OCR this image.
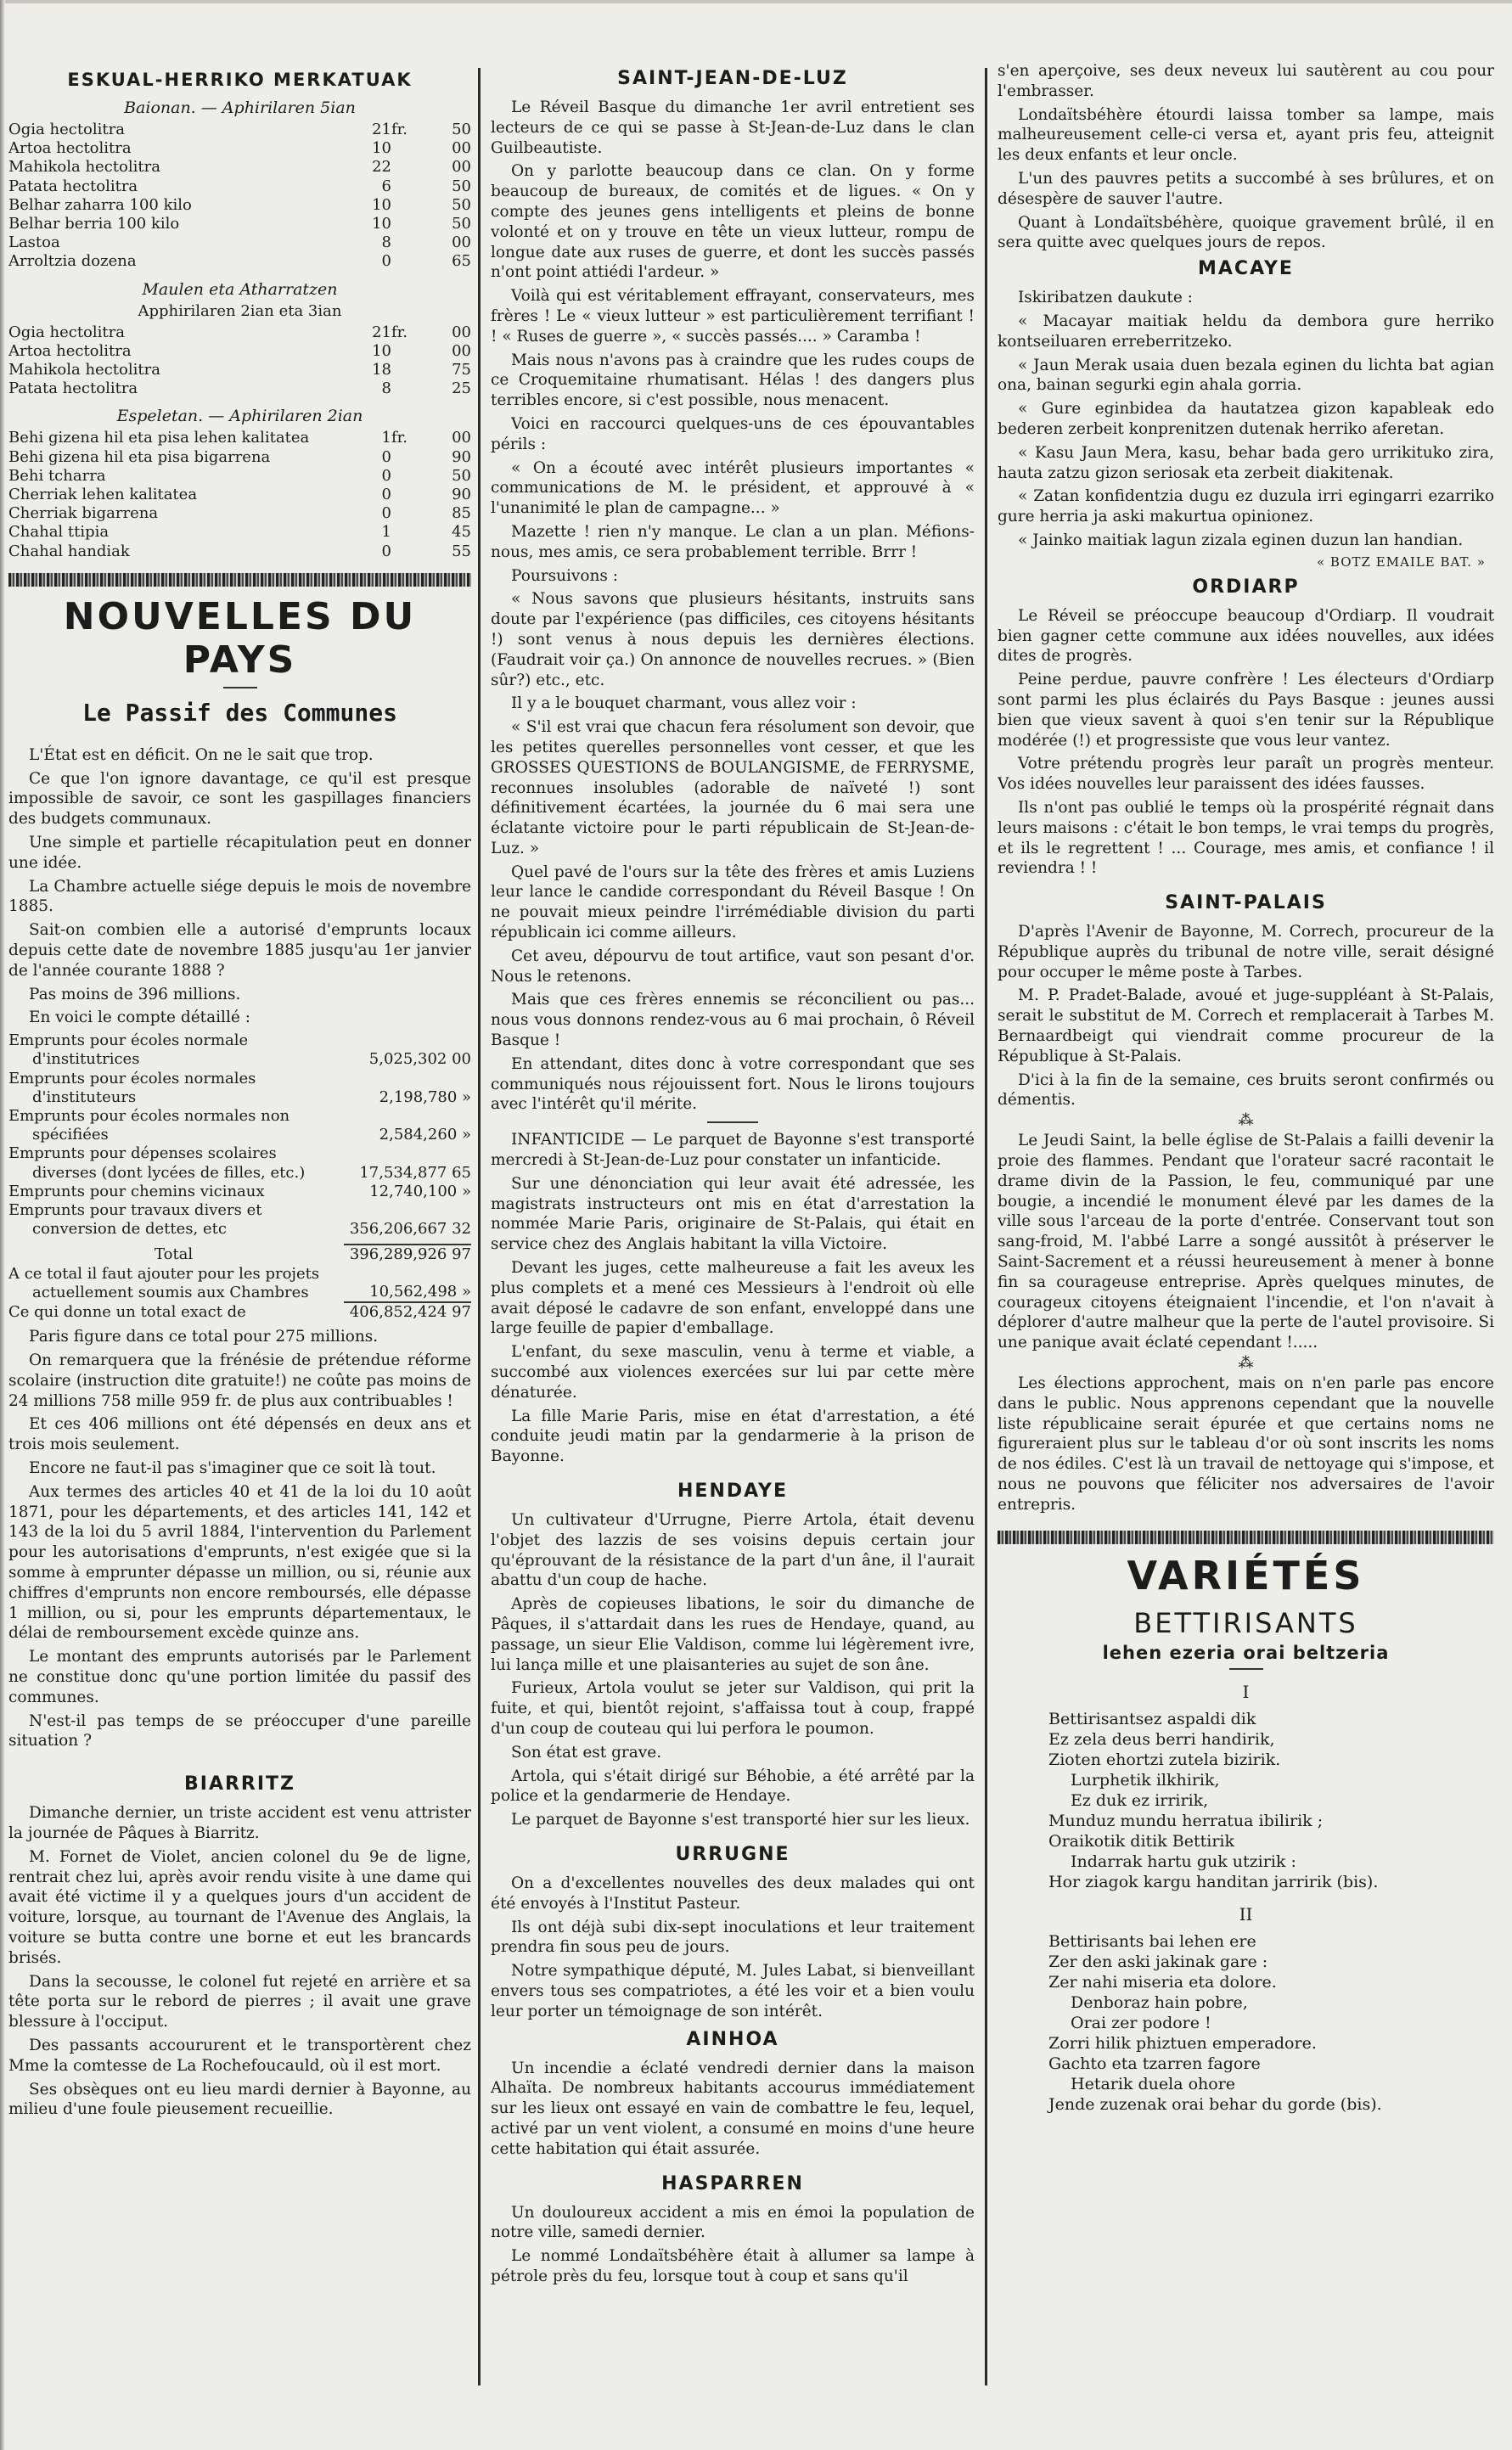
ESKUAL-HERRIKO MERKATUAK
Baionan. — Aphirilaren 5ian
Ogia hectolitra	21	fr.	50
Artoa hectolitra	10		00
Mahikola hectolitra	22		00
Patata hectolitra	6		50
Belhar zaharra 100 kilo	10		50
Belhar berria 100 kilo	10		50
Lastoa	8		00
Arroltzia dozena	0		65
Maulen eta Atharratzen
Apphirilaren 2ian eta 3ian
Ogia hectolitra	21	fr.	00
Artoa hectolitra	10		00
Mahikola hectolitra	18		75
Patata hectolitra	8		25
Espeletan. — Aphirilaren 2ian
Behi gizena hil eta pisa lehen kalitatea	1	fr.	00
Behi gizena hil eta pisa bigarrena	0		90
Behi tcharra	0		50
Cherriak lehen kalitatea	0		90
Cherriak bigarrena	0		85
Chahal ttipia	1		45
Chahal handiak	0		55
NOUVELLES DU PAYS
Le Passif des Communes

L'État est en déficit. On ne le sait que trop.

Ce que l'on ignore davantage, ce qu'il est presque impossible de savoir, ce sont les gaspillages financiers des budgets communaux.

Une simple et partielle récapitulation peut en donner une idée.

La Chambre actuelle siége depuis le mois de novembre 1885.

Sait-on combien elle a autorisé d'emprunts locaux depuis cette date de novembre 1885 jusqu'au 1er janvier de l'année courante 1888 ?

Pas moins de 396 millions.

En voici le compte détaillé :

Emprunts pour écoles normale d'institutrices	5,025,302 00
Emprunts pour écoles normales d'instituteurs	2,198,780 »
Emprunts pour écoles normales non spécifiées	2,584,260 »
Emprunts pour dépenses scolaires diverses (dont lycées de filles, etc.)	17,534,877 65
Emprunts pour chemins vicinaux	12,740,100 »
Emprunts pour travaux divers et conversion de dettes, etc	356,206,667 32
Total	396,289,926 97
A ce total il faut ajouter pour les projets actuellement soumis aux Chambres	10,562,498 »
Ce qui donne un total exact de	406,852,424 97

Paris figure dans ce total pour 275 millions.

On remarquera que la frénésie de prétendue réforme scolaire (instruction dite gratuite!) ne coûte pas moins de 24 millions 758 mille 959 fr. de plus aux contribuables !

Et ces 406 millions ont été dépensés en deux ans et trois mois seulement.

Encore ne faut-il pas s'imaginer que ce soit là tout.

Aux termes des articles 40 et 41 de la loi du 10 août 1871, pour les départements, et des articles 141, 142 et 143 de la loi du 5 avril 1884, l'intervention du Parlement pour les autorisations d'emprunts, n'est exigée que si la somme à emprunter dépasse un million, ou si, réunie aux chiffres d'emprunts non encore remboursés, elle dépasse 1 million, ou si, pour les emprunts départementaux, le délai de remboursement excède quinze ans.

Le montant des emprunts autorisés par le Parlement ne constitue donc qu'une portion limitée du passif des communes.

N'est-il pas temps de se préoccuper d'une pareille situation ?

BIARRITZ

Dimanche dernier, un triste accident est venu attrister la journée de Pâques à Biarritz.

M. Fornet de Violet, ancien colonel du 9e de ligne, rentrait chez lui, après avoir rendu visite à une dame qui avait été victime il y a quelques jours d'un accident de voiture, lorsque, au tournant de l'Avenue des Anglais, la voiture se butta contre une borne et eut les brancards brisés.

Dans la secousse, le colonel fut rejeté en arrière et sa tête porta sur le rebord de pierres ; il avait une grave blessure à l'occiput.

Des passants accoururent et le transportèrent chez Mme la comtesse de La Rochefoucauld, où il est mort.

Ses obsèques ont eu lieu mardi dernier à Bayonne, au milieu d'une foule pieusement recueillie.

SAINT-JEAN-DE-LUZ

Le Réveil Basque du dimanche 1er avril entretient ses lecteurs de ce qui se passe à St-Jean-de-Luz dans le clan Guilbeautiste.

On y parlotte beaucoup dans ce clan. On y forme beaucoup de bureaux, de comités et de ligues. « On y compte des jeunes gens intelligents et pleins de bonne volonté et on y trouve en tête un vieux lutteur, rompu de longue date aux ruses de guerre, et dont les succès passés n'ont point attiédi l'ardeur. »

Voilà qui est véritablement effrayant, conservateurs, mes frères ! Le « vieux lutteur » est particulièrement terrifiant ! ! « Ruses de guerre », « succès passés.... » Caramba !

Mais nous n'avons pas à craindre que les rudes coups de ce Croquemitaine rhumatisant. Hélas ! des dangers plus terribles encore, si c'est possible, nous menacent.

Voici en raccourci quelques-uns de ces épouvantables périls :

« On a écouté avec intérêt plusieurs importantes « communications de M. le président, et approuvé à « l'unanimité le plan de campagne... »

Mazette ! rien n'y manque. Le clan a un plan. Méfions-nous, mes amis, ce sera probablement terrible. Brrr !

Poursuivons :

« Nous savons que plusieurs hésitants, instruits sans doute par l'expérience (pas difficiles, ces citoyens hésitants !) sont venus à nous depuis les dernières élections. (Faudrait voir ça.) On annonce de nouvelles recrues. » (Bien sûr?) etc., etc.

Il y a le bouquet charmant, vous allez voir :

« S'il est vrai que chacun fera résolument son devoir, que les petites querelles personnelles vont cesser, et que les GROSSES QUESTIONS de BOULANGISME, de FERRYSME, reconnues insolubles (adorable de naïveté !) sont définitivement écartées, la journée du 6 mai sera une éclatante victoire pour le parti républicain de St-Jean-de-Luz. »

Quel pavé de l'ours sur la tête des frères et amis Luziens leur lance le candide correspondant du Réveil Basque ! On ne pouvait mieux peindre l'irrémédiable division du parti républicain ici comme ailleurs.

Cet aveu, dépourvu de tout artifice, vaut son pesant d'or. Nous le retenons.

Mais que ces frères ennemis se réconcilient ou pas... nous vous donnons rendez-vous au 6 mai prochain, ô Réveil Basque !

En attendant, dites donc à votre correspondant que ses communiqués nous réjouissent fort. Nous le lirons toujours avec l'intérêt qu'il mérite.

INFANTICIDE — Le parquet de Bayonne s'est transporté mercredi à St-Jean-de-Luz pour constater un infanticide.

Sur une dénonciation qui leur avait été adressée, les magistrats instructeurs ont mis en état d'arrestation la nommée Marie Paris, originaire de St-Palais, qui était en service chez des Anglais habitant la villa Victoire.

Devant les juges, cette malheureuse a fait les aveux les plus complets et a mené ces Messieurs à l'endroit où elle avait déposé le cadavre de son enfant, enveloppé dans une large feuille de papier d'emballage.

L'enfant, du sexe masculin, venu à terme et viable, a succombé aux violences exercées sur lui par cette mère dénaturée.

La fille Marie Paris, mise en état d'arrestation, a été conduite jeudi matin par la gendarmerie à la prison de Bayonne.

HENDAYE

Un cultivateur d'Urrugne, Pierre Artola, était devenu l'objet des lazzis de ses voisins depuis certain jour qu'éprouvant de la résistance de la part d'un âne, il l'aurait abattu d'un coup de hache.

Après de copieuses libations, le soir du dimanche de Pâques, il s'attardait dans les rues de Hendaye, quand, au passage, un sieur Elie Valdison, comme lui légèrement ivre, lui lança mille et une plaisanteries au sujet de son âne.

Furieux, Artola voulut se jeter sur Valdison, qui prit la fuite, et qui, bientôt rejoint, s'affaissa tout à coup, frappé d'un coup de couteau qui lui perfora le poumon.

Son état est grave.

Artola, qui s'était dirigé sur Béhobie, a été arrêté par la police et la gendarmerie de Hendaye.

Le parquet de Bayonne s'est transporté hier sur les lieux.

URRUGNE

On a d'excellentes nouvelles des deux malades qui ont été envoyés à l'Institut Pasteur.

Ils ont déjà subi dix-sept inoculations et leur traitement prendra fin sous peu de jours.

Notre sympathique député, M. Jules Labat, si bienveillant envers tous ses compatriotes, a été les voir et a bien voulu leur porter un témoignage de son intérêt.

AINHOA

Un incendie a éclaté vendredi dernier dans la maison Alhaïta. De nombreux habitants accourus immédiatement sur les lieux ont essayé en vain de combattre le feu, lequel, activé par un vent violent, a consumé en moins d'une heure cette habitation qui était assurée.

HASPARREN

Un douloureux accident a mis en émoi la population de notre ville, samedi dernier.

Le nommé Londaïtsbéhère était à allumer sa lampe à pétrole près du feu, lorsque tout à coup et sans qu'il

s'en aperçoive, ses deux neveux lui sautèrent au cou pour l'embrasser.

Londaïtsbéhère étourdi laissa tomber sa lampe, mais malheureusement celle-ci versa et, ayant pris feu, atteignit les deux enfants et leur oncle.

L'un des pauvres petits a succombé à ses brûlures, et on désespère de sauver l'autre.

Quant à Londaïtsbéhère, quoique gravement brûlé, il en sera quitte avec quelques jours de repos.

MACAYE

Iskiribatzen daukute :

« Macayar maitiak heldu da dembora gure herriko kontseiluaren erreberritzeko.

« Jaun Merak usaia duen bezala eginen du lichta bat agian ona, bainan segurki egin ahala gorria.

« Gure eginbidea da hautatzea gizon kapableak edo bederen zerbeit konprenitzen dutenak herriko aferetan.

« Kasu Jaun Mera, kasu, behar bada gero urrikituko zira, hauta zatzu gizon seriosak eta zerbeit diakitenak.

« Zatan konfidentzia dugu ez duzula irri egingarri ezarriko gure herria ja aski makurtua opinionez.

« Jainko maitiak lagun zizala eginen duzun lan handian.

« BOTZ EMAILE BAT. »
ORDIARP

Le Réveil se préoccupe beaucoup d'Ordiarp. Il voudrait bien gagner cette commune aux idées nouvelles, aux idées dites de progrès.

Peine perdue, pauvre confrère ! Les électeurs d'Ordiarp sont parmi les plus éclairés du Pays Basque : jeunes aussi bien que vieux savent à quoi s'en tenir sur la République modérée (!) et progressiste que vous leur vantez.

Votre prétendu progrès leur paraît un progrès menteur. Vos idées nouvelles leur paraissent des idées fausses.

Ils n'ont pas oublié le temps où la prospérité régnait dans leurs maisons : c'était le bon temps, le vrai temps du progrès, et ils le regrettent ! ... Courage, mes amis, et confiance ! il reviendra ! !

SAINT-PALAIS

D'après l'Avenir de Bayonne, M. Correch, procureur de la République auprès du tribunal de notre ville, serait désigné pour occuper le même poste à Tarbes.

M. P. Pradet-Balade, avoué et juge-suppléant à St-Palais, serait le substitut de M. Correch et remplacerait à Tarbes M. Bernaardbeigt qui viendrait comme procureur de la République à St-Palais.

D'ici à la fin de la semaine, ces bruits seront confirmés ou démentis.

⁂

Le Jeudi Saint, la belle église de St-Palais a failli devenir la proie des flammes. Pendant que l'orateur sacré racontait le drame divin de la Passion, le feu, communiqué par une bougie, a incendié le monument élevé par les dames de la ville sous l'arceau de la porte d'entrée. Conservant tout son sang-froid, M. l'abbé Larre a songé aussitôt à préserver le Saint-Sacrement et a réussi heureusement à mener à bonne fin sa courageuse entreprise. Après quelques minutes, de courageux citoyens éteignaient l'incendie, et l'on n'avait à déplorer d'autre malheur que la perte de l'autel provisoire. Si une panique avait éclaté cependant !.....

⁂

Les élections approchent, mais on n'en parle pas encore dans le public. Nous apprenons cependant que la nouvelle liste républicaine serait épurée et que certains noms ne figureraient plus sur le tableau d'or où sont inscrits les noms de nos édiles. C'est là un travail de nettoyage qui s'impose, et nous ne pouvons que féliciter nos adversaires de l'avoir entrepris.

VARIÉTÉS
BETTIRISANTS
lehen ezeria orai beltzeria
I
Bettirisantsez aspaldi dik
Ez zela deus berri handirik,
Zioten ehortzi zutela bizirik.
Lurphetik ilkhirik,
Ez duk ez irririk,
Munduz mundu herratua ibilirik ;
Oraikotik ditik Bettirik
Indarrak hartu guk utzirik :
Hor ziagok kargu handitan jarririk (bis).
II
Bettirisants bai lehen ere
Zer den aski jakinak gare :
Zer nahi miseria eta dolore.
Denboraz hain pobre,
Orai zer podore !
Zorri hilik phiztuen emperadore.
Gachto eta tzarren fagore
Hetarik duela ohore
Jende zuzenak orai behar du gorde (bis).
